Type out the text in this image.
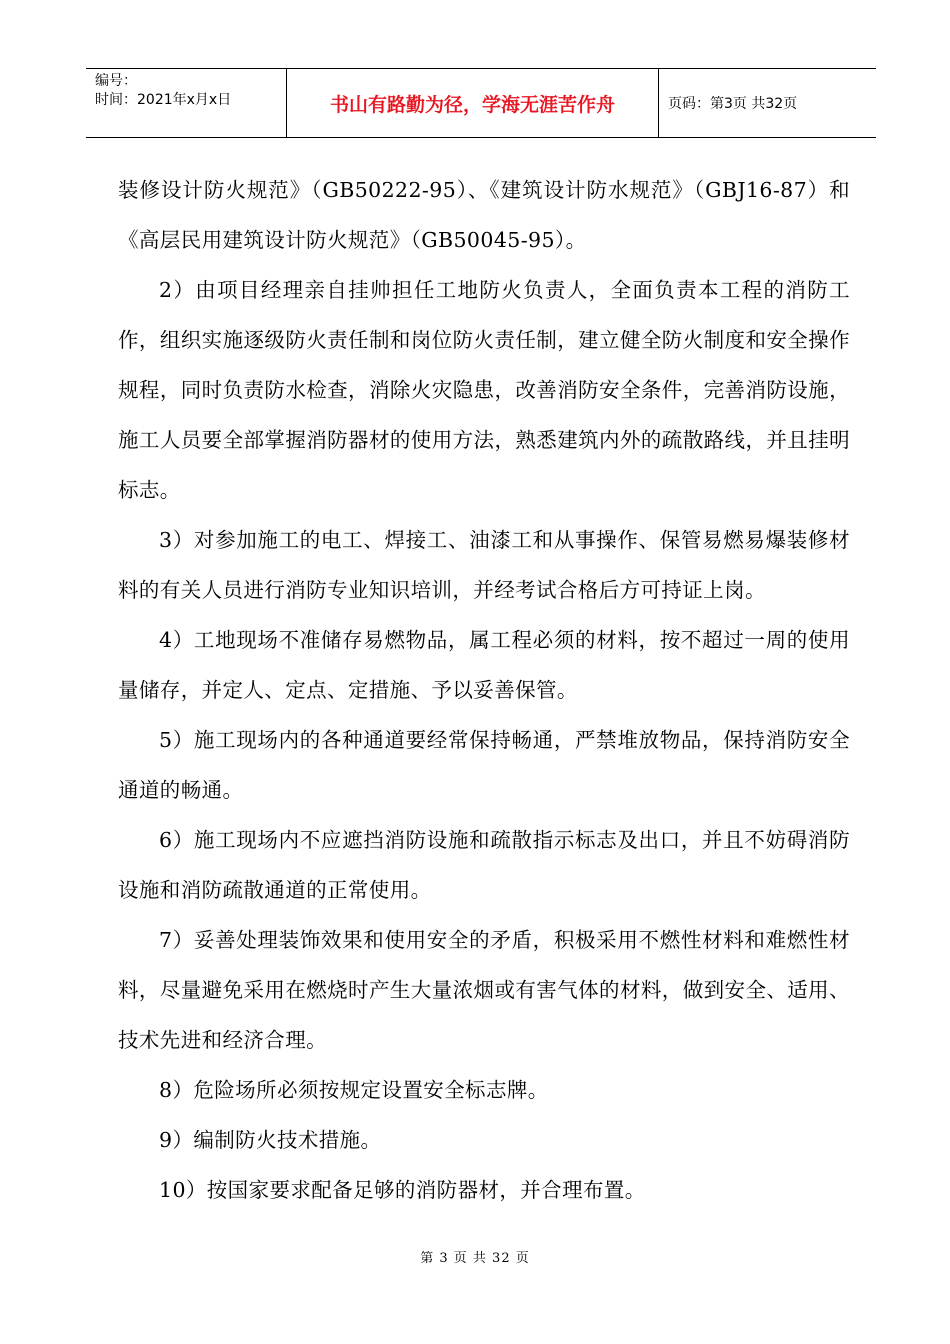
编号：
时间：2021年x月x日	书山有路勤为径，学海无涯苦作舟	页码：第3页 共32页

装修设计防火规范》（GB50222-95）、《建筑设计防水规范》（GBJ16-87）和《高层民用建筑设计防火规范》（GB50045-95）。

2）由项目经理亲自挂帅担任工地防火负责人，全面负责本工程的消防工作，组织实施逐级防火责任制和岗位防火责任制，建立健全防火制度和安全操作规程，同时负责防水检查，消除火灾隐患，改善消防安全条件，完善消防设施，施工人员要全部掌握消防器材的使用方法，熟悉建筑内外的疏散路线，并且挂明标志。

3）对参加施工的电工、焊接工、油漆工和从事操作、保管易燃易爆装修材料的有关人员进行消防专业知识培训，并经考试合格后方可持证上岗。

4）工地现场不准储存易燃物品，属工程必须的材料，按不超过一周的使用量储存，并定人、定点、定措施、予以妥善保管。

5）施工现场内的各种通道要经常保持畅通，严禁堆放物品，保持消防安全通道的畅通。

6）施工现场内不应遮挡消防设施和疏散指示标志及出口，并且不妨碍消防设施和消防疏散通道的正常使用。

7）妥善处理装饰效果和使用安全的矛盾，积极采用不燃性材料和难燃性材料，尽量避免采用在燃烧时产生大量浓烟或有害气体的材料，做到安全、适用、技术先进和经济合理。

8）危险场所必须按规定设置安全标志牌。

9）编制防火技术措施。

10）按国家要求配备足够的消防器材，并合理布置。

第 3 页 共 32 页
